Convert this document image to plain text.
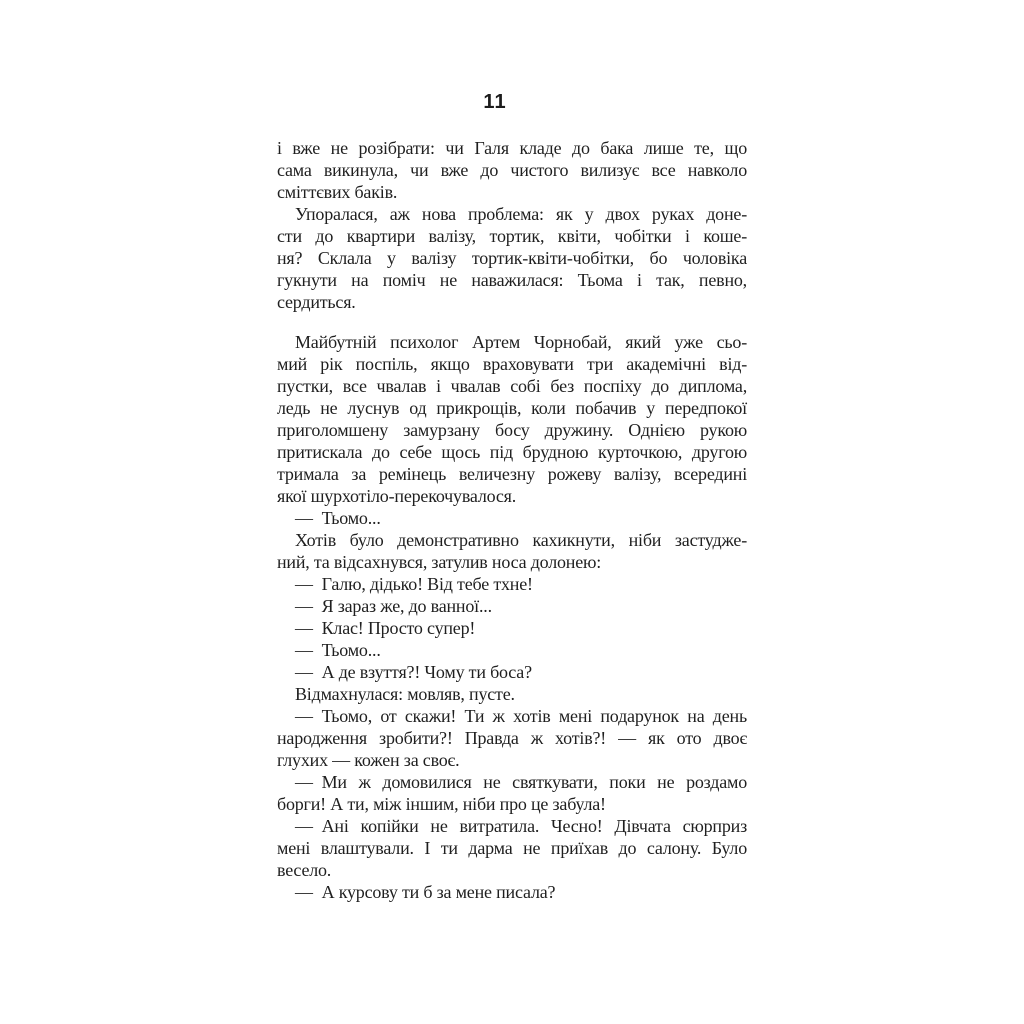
11

і вже не розібрати: чи Галя кладе до бака лише те, що
сама викинула, чи вже до чистого вилизує все навколо
сміттєвих баків.

Упоралася, аж нова проблема: як у двох руках доне-
сти до квартири валізу, тортик, квіти, чобітки і коше-
ня? Склала у валізу тортик-квіти-чобітки, бо чоловіка
гукнути на поміч не наважилася: Тьома і так, певно,
сердиться.

Майбутній психолог Артем Чорнобай, який уже сьо-
мий рік поспіль, якщо враховувати три академічні від-
пустки, все чвалав і чвалав собі без поспіху до диплома,
ледь не луснув од прикрощів, коли побачив у передпокої
приголомшену замурзану босу дружину. Однією рукою
притискала до себе щось під брудною курточкою, другою
тримала за ремінець величезну рожеву валізу, всередині
якої шурхотіло-перекочувалося.

— Тьомо...

Хотів було демонстративно кахикнути, ніби застудже-
ний, та відсахнувся, затулив носа долонею:

— Галю, дідько! Від тебе тхне!

— Я зараз же, до ванної...

— Клас! Просто супер!

— Тьомо...

— А де взуття?! Чому ти боса?

Відмахнулася: мовляв, пусте.

— Тьомо, от скажи! Ти ж хотів мені подарунок на день
народження зробити?! Правда ж хотів?! — як ото двоє
глухих — кожен за своє.

— Ми ж домовилися не святкувати, поки не роздамо
борги! А ти, між іншим, ніби про це забула!

— Ані копійки не витратила. Чесно! Дівчата сюрприз
мені влаштували. І ти дарма не приїхав до салону. Було
весело.

— А курсову ти б за мене писала?
